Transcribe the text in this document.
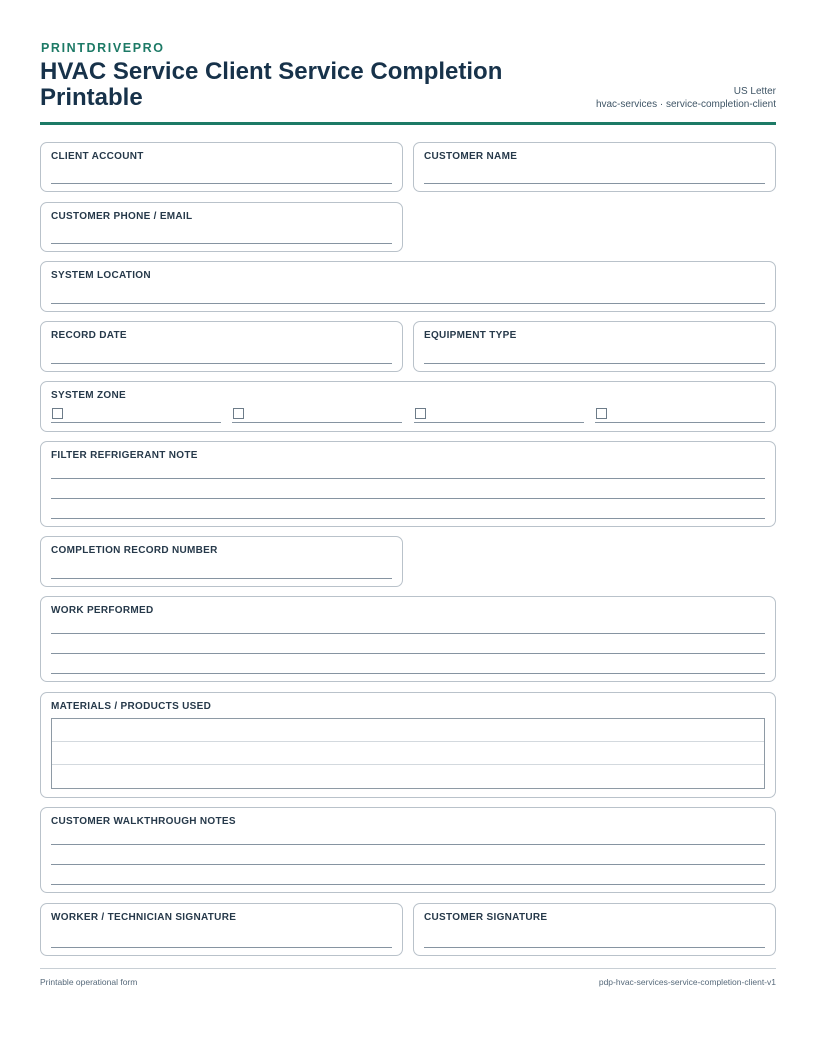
PRINTDRIVEPRO
HVAC Service Client Service Completion Printable	US Letter
hvac-services · service-completion-client
CLIENT ACCOUNT	CUSTOMER NAME
CUSTOMER PHONE / EMAIL
SYSTEM LOCATION
RECORD DATE	EQUIPMENT TYPE
SYSTEM ZONE
FILTER REFRIGERANT NOTE
COMPLETION RECORD NUMBER
WORK PERFORMED
MATERIALS / PRODUCTS USED
CUSTOMER WALKTHROUGH NOTES
WORKER / TECHNICIAN SIGNATURE	CUSTOMER SIGNATURE
Printable operational form	pdp-hvac-services-service-completion-client-v1
